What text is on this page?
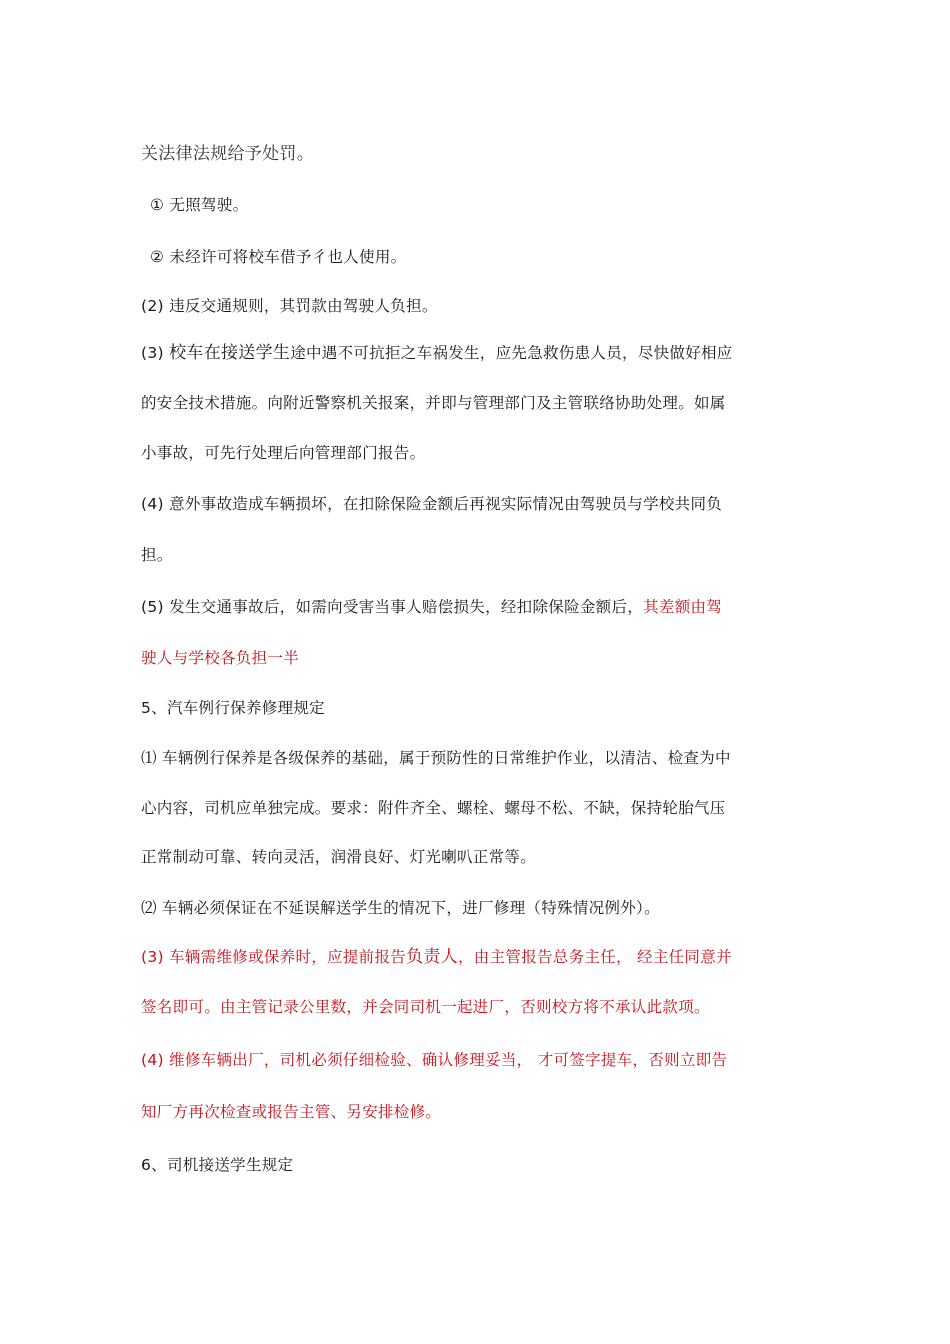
关法律法规给予处罚。
① 无照驾驶。
② 未经许可将校车借予彳也人使用。
(2) 违反交通规则，其罚款由驾驶人负担。
(3) 校车在接送学生途中遇不可抗拒之车祸发生，应先急救伤患人员，尽快做好相应
的安全技术措施。向附近警察机关报案，并即与管理部门及主管联络协助处理。如属
小事故，可先行处理后向管理部门报告。
(4) 意外事故造成车辆损坏，在扣除保险金额后再视实际情况由驾驶员与学校共同负
担。
(5) 发生交通事故后，如需向受害当事人赔偿损失，经扣除保险金额后，其差额由驾
驶人与学校各负担一半
5、汽车例行保养修理规定
⑴ 车辆例行保养是各级保养的基础，属于预防性的日常维护作业，以清洁、检查为中
心内容，司机应单独完成。要求：附件齐全、螺栓、螺母不松、不缺，保持轮胎气压
正常制动可靠、转向灵活，润滑良好、灯光喇叭正常等。
⑵ 车辆必须保证在不延误解送学生的情况下，进厂修理（特殊情况例外）。
(3) 车辆需维修或保养时，应提前报告负责人，由主管报告总务主任， 经主任同意并
签名即可。由主管记录公里数，并会同司机一起进厂，否则校方将不承认此款项。
(4) 维修车辆出厂，司机必须仔细检验、确认修理妥当， 才可签字提车，否则立即告
知厂方再次检查或报告主管、另安排检修。
6、司机接送学生规定
